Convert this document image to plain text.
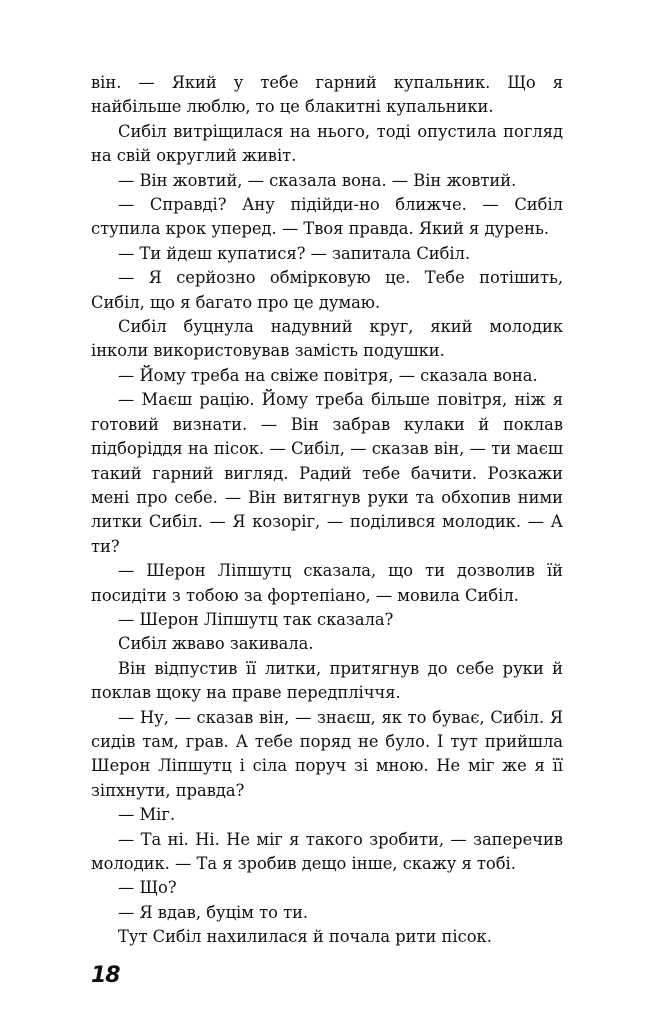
він. — Який у тебе гарний купальник. Що я найбільше люблю, то це блакитні купальники.

Сибіл витріщилася на нього, тоді опустила погляд на свій округлий живіт.

— Він жовтий, — сказала вона. — Він жовтий.

— Справді? Ану підійди-но ближче. — Сибіл ступила крок уперед. — Твоя правда. Який я дурень.

— Ти йдеш купатися? — запитала Сибіл.

— Я серйозно обмірковую це. Тебе потішить, Сибіл, що я багато про це думаю.

Сибіл буцнула надувний круг, який молодик інколи використовував замість подушки.

— Йому треба на свіже повітря, — сказала вона.

— Маєш рацію. Йому треба більше повітря, ніж я готовий визнати. — Він забрав кулаки й поклав підборіддя на пісок. — Сибіл, — сказав він, — ти маєш такий гарний вигляд. Радий тебе бачити. Розкажи мені про себе. — Він витягнув руки та обхопив ними литки Сибіл. — Я козоріг, — поділився молодик. — А ти?

— Шерон Ліпшутц сказала, що ти дозволив їй посидіти з тобою за фортепіано, — мовила Сибіл.

— Шерон Ліпшутц так сказала?

Сибіл жваво закивала.

Він відпустив її литки, притягнув до себе руки й поклав щоку на праве передпліччя.

— Ну, — сказав він, — знаєш, як то буває, Сибіл. Я сидів там, грав. А тебе поряд не було. І тут прийшла Шерон Ліпшутц і сіла поруч зі мною. Не міг же я її зіпхнути, правда?

— Міг.

— Та ні. Ні. Не міг я такого зробити, — заперечив молодик. — Та я зробив дещо інше, скажу я тобі.

— Що?

— Я вдав, буцім то ти.

Тут Сибіл нахилилася й почала рити пісок.

18
